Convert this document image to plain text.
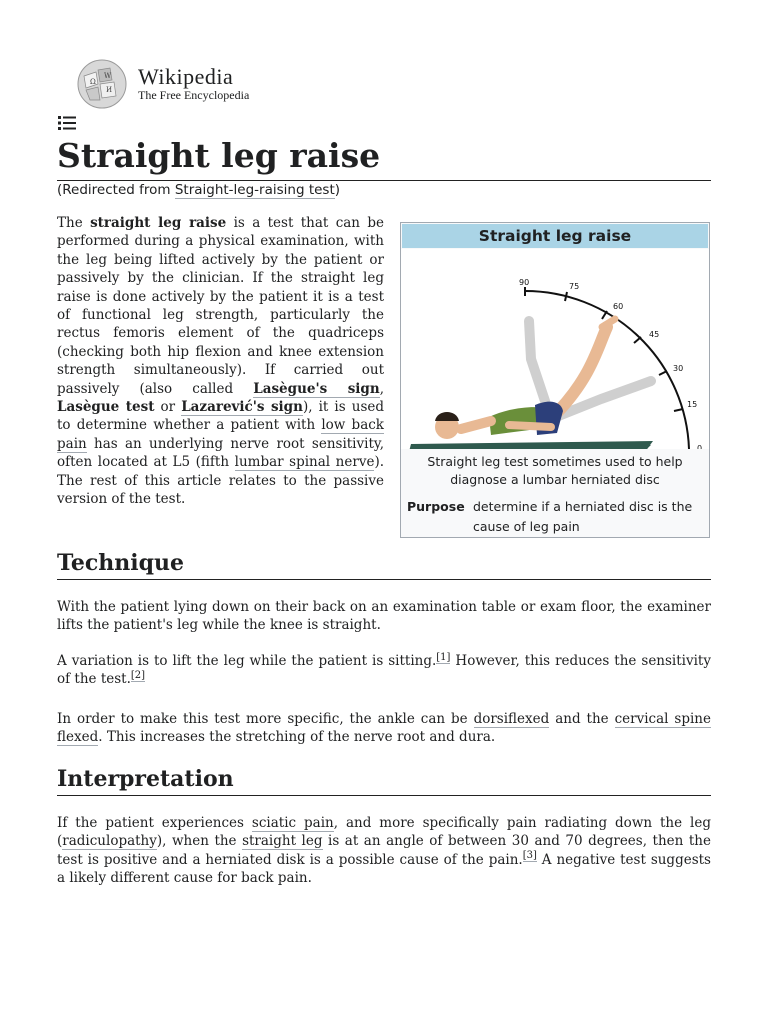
Ω
W
И
Wikipedia
The Free Encyclopedia
Straight leg raise
(Redirected from Straight-leg-raising test)
The straight leg raise is a test that can be performed during a physical examination, with the leg being lifted actively by the patient or passively by the clinician. If the straight leg raise is done actively by the patient it is a test of functional leg strength, particularly the rectus femoris element of the quadriceps (checking both hip flexion and knee extension strength simultaneously). If carried out passively (also called Lasègue's sign, Lasègue test or Lazarević's sign), it is used to determine whether a patient with low back pain has an underlying nerve root sensitivity, often located at L5 (fifth lumbar spinal nerve). The rest of this article relates to the passive version of the test.
Straight leg raise
90	75
60
45
30
15
0
Straight leg test sometimes used to help diagnose a lumbar herniated disc
Purpose determine if a herniated disc is the cause of leg pain
Technique

With the patient lying down on their back on an examination table or exam floor, the examiner lifts the patient's leg while the knee is straight.

A variation is to lift the leg while the patient is sitting.[1] However, this reduces the sensitivity of the test.[2]

In order to make this test more specific, the ankle can be dorsiflexed and the cervical spine flexed. This increases the stretching of the nerve root and dura.

Interpretation

If the patient experiences sciatic pain, and more specifically pain radiating down the leg (radiculopathy), when the straight leg is at an angle of between 30 and 70 degrees, then the test is positive and a herniated disk is a possible cause of the pain.[3] A negative test suggests a likely different cause for back pain.
